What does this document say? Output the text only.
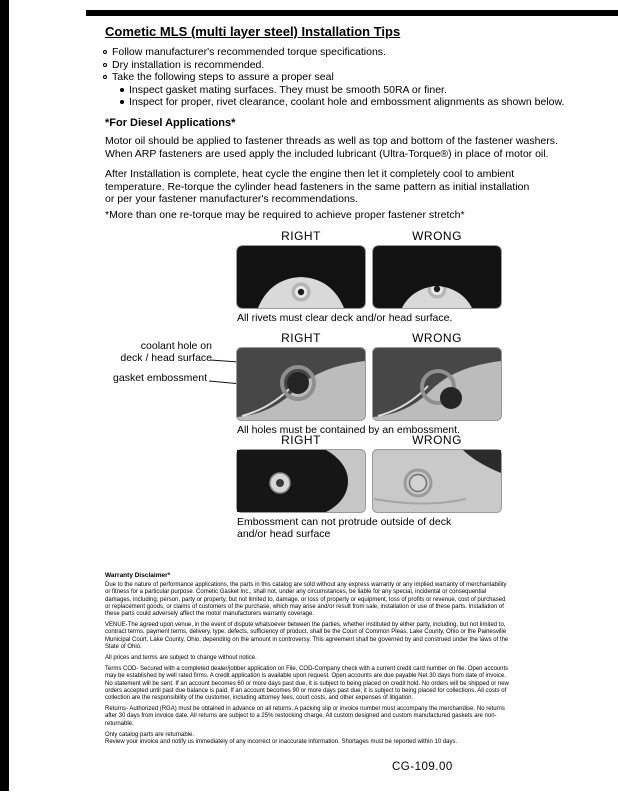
Cometic MLS (multi layer steel) Installation Tips
Follow manufacturer's recommended torque specifications.
Dry installation is recommended.
Take the following steps to assure a proper seal
Inspect gasket mating surfaces. They must be smooth 50RA or finer.
Inspect for proper, rivet clearance, coolant hole and embossment alignments as shown below.
*For Diesel Applications*
Motor oil should be applied to fastener threads as well as top and bottom of the fastener washers.
When ARP fasteners are used apply the included lubricant (Ultra-Torque®) in place of motor oil.
After Installation is complete, heat cycle the engine then let it completely cool to ambient
temperature. Re-torque the cylinder head fasteners in the same pattern as initial installation
or per your fastener manufacturer's recommendations.
*More than one re-torque may be required to achieve proper fastener stretch*
RIGHT	WRONG
All rivets must clear deck and/or head surface.
RIGHT	WRONG
coolant hole on
deck / head surface
gasket embossment
All holes must be contained by an embossment.
RIGHT	WRONG
Embossment can not protrude outside of deck and/or head surface
Warranty Disclaimer*

Due to the nature of performance applications, the parts in this catalog are sold without any express warranty or any implied warranty of merchantability or fitness for a particular purpose. Cometic Gasket Inc., shall not, under any circumstances, be liable for any special, incidental or consequential damages, including, person, party or property, but not limited to, damage, or loss of property or equipment, loss of profits or revenue, cost of purchased or replacement goods, or claims of customers of the purchase, which may arise and/or result from sale, installation or use of these parts. Installation of these parts could adversely affect the motor manufacturers warranty coverage.

VENUE-The agreed upon venue, in the event of dispute whatsoever between the parties, whether instituted by either party, including, but not limited to, contract terms, payment terms, delivery, type, defects, sufficiency of product, shall be the Court of Common Pleas, Lake County, Ohio or the Painesville Municipal Court, Lake County, Ohio, depending on the amount in controversy. This agreement shall be governed by and construed under the laws of the State of Ohio.

All prices and terms are subject to change without notice.

Terms COD- Secured with a completed dealer/jobber application on File, COD-Company check with a current credit card number on file. Open accounts may be established by well rated firms. A credit application is available upon request. Open accounts are due payable Net 30 days from date of invoice. No statement will be sent. If an account becomes 60 or more days past due, it is subject to being placed on credit hold. No orders will be shipped or new orders accepted until past due balance is paid. If an account becomes 90 or more days past due, it is subject to being placed for collections. All costs of collection are the responsibility of the customer, including attorney fees, court costs, and other expenses of litigation.

Returns- Authorized (RGA) must be obtained in advance on all returns. A packing slip or invoice number must accompany the merchandise. No returns after 30 days from invoice date. All returns are subject to a 25% restocking charge. All custom designed and custom manufactured gaskets are non-returnable.

Only catalog parts are returnable.

Review your invoice and notify us immediately of any incorrect or inaccurate information. Shortages must be reported within 10 days.

CG-109.00
